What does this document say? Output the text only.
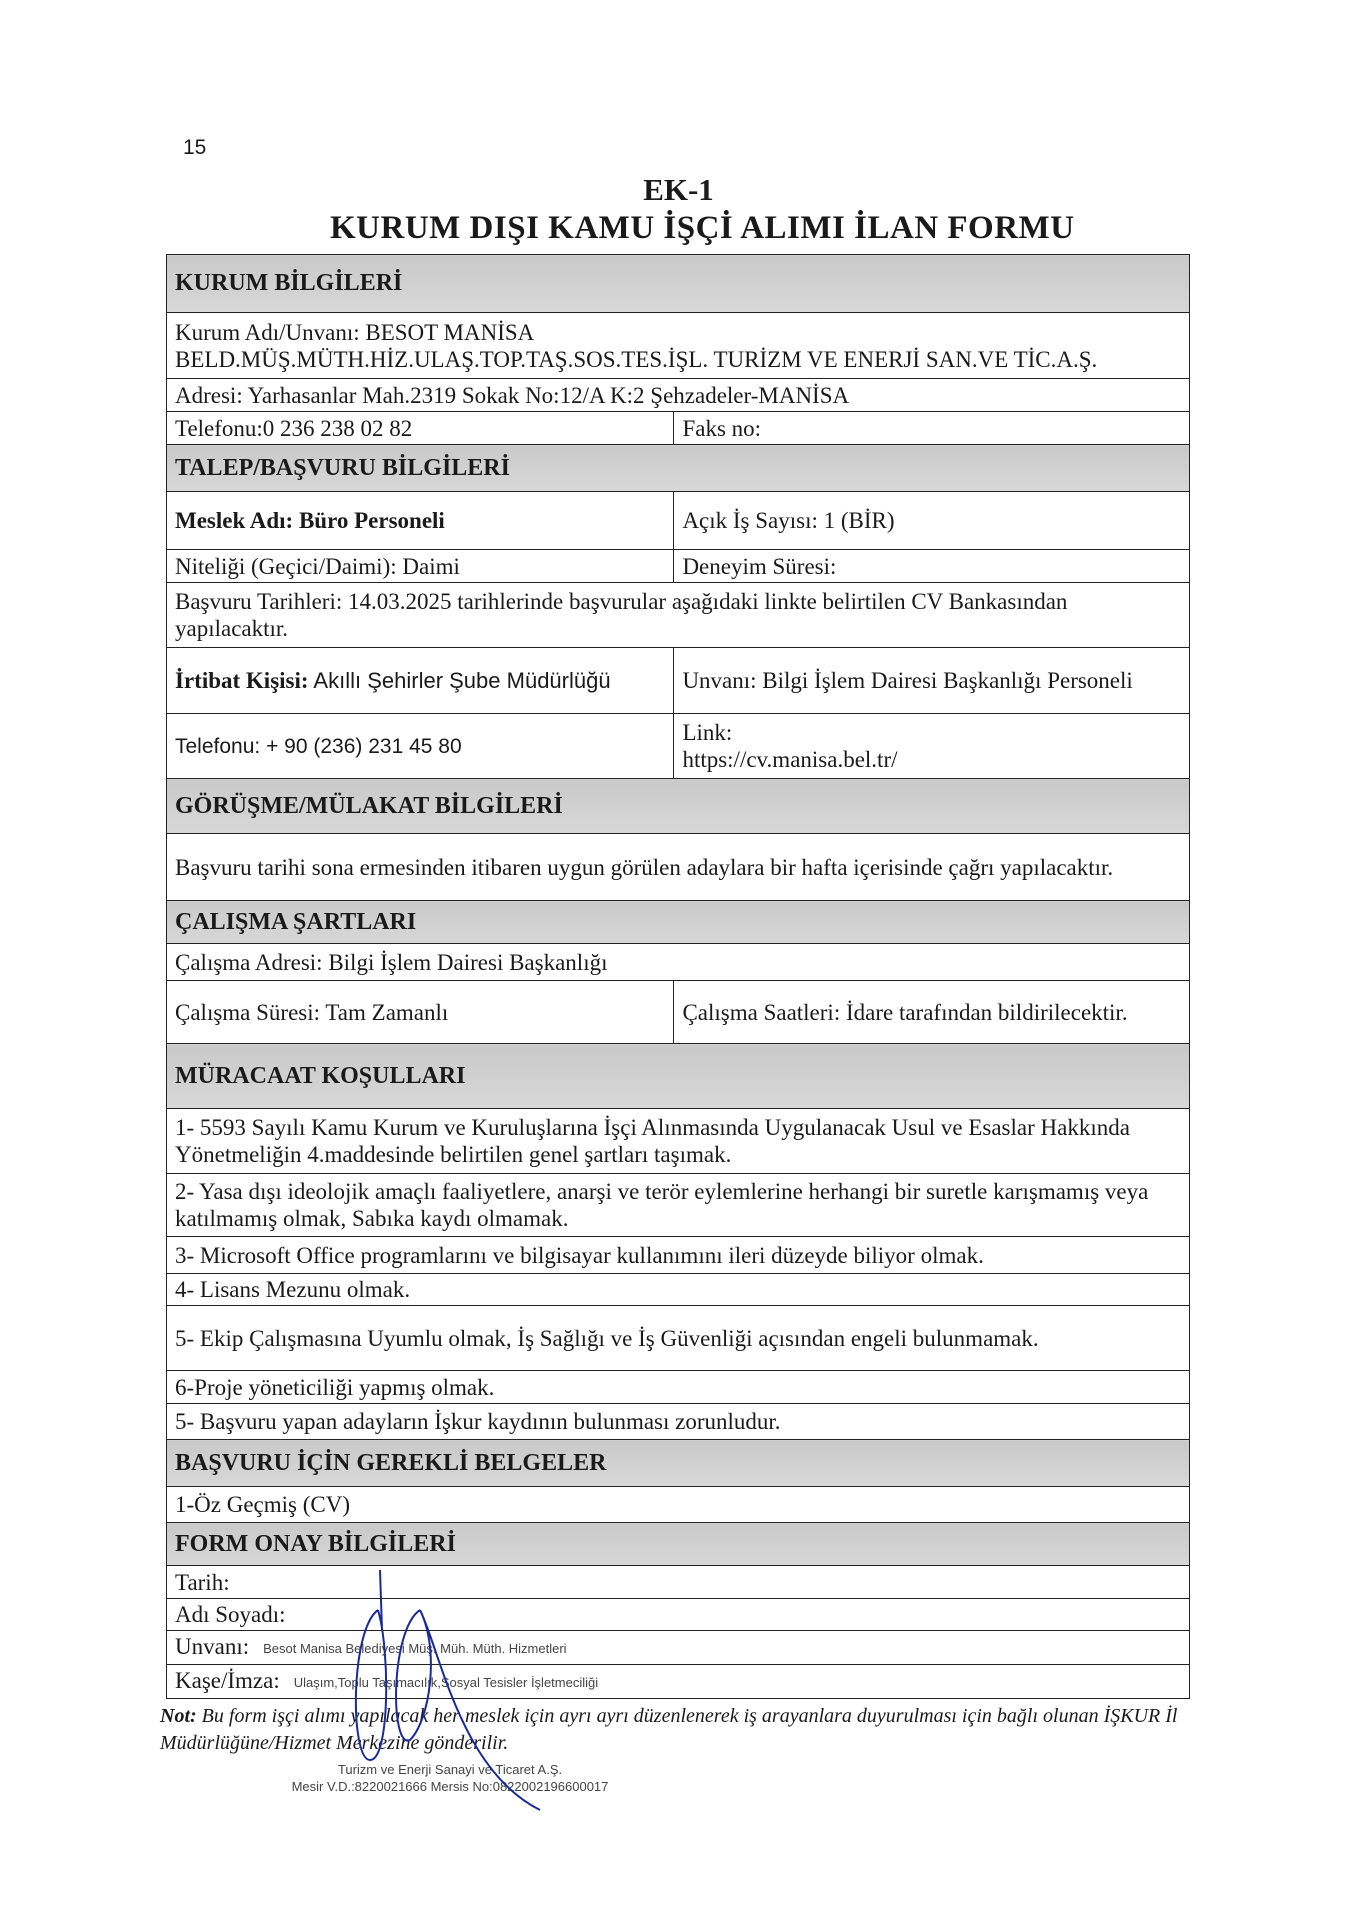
15
EK-1
KURUM DIŞI KAMU İŞÇİ ALIMI İLAN FORMU
KURUM BİLGİLERİ	
Kurum Adı/Unvanı: BESOT MANİSA
BELD.MÜŞ.MÜTH.HİZ.ULAŞ.TOP.TAŞ.SOS.TES.İŞL. TURİZM VE ENERJİ SAN.VE TİC.A.Ş.	
Adresi: Yarhasanlar Mah.2319 Sokak No:12/A K:2 Şehzadeler-MANİSA	
Telefonu:0 236 238 02 82	Faks no:
TALEP/BAŞVURU BİLGİLERİ	
Meslek Adı: Büro Personeli	Açık İş Sayısı: 1 (BİR)
Niteliği (Geçici/Daimi): Daimi	Deneyim Süresi:
Başvuru Tarihleri: 14.03.2025 tarihlerinde başvurular aşağıdaki linkte belirtilen CV Bankasından yapılacaktır.	
İrtibat Kişisi: Akıllı Şehirler Şube Müdürlüğü	Unvanı: Bilgi İşlem Dairesi Başkanlığı Personeli
Telefonu: + 90 (236) 231 45 80	Link:
https://cv.manisa.bel.tr/
GÖRÜŞME/MÜLAKAT BİLGİLERİ	
Başvuru tarihi sona ermesinden itibaren uygun görülen adaylara bir hafta içerisinde çağrı yapılacaktır.	
ÇALIŞMA ŞARTLARI	
Çalışma Adresi: Bilgi İşlem Dairesi Başkanlığı	
Çalışma Süresi: Tam Zamanlı	Çalışma Saatleri: İdare tarafından bildirilecektir.
MÜRACAAT KOŞULLARI	
1- 5593 Sayılı Kamu Kurum ve Kuruluşlarına İşçi Alınmasında Uygulanacak Usul ve Esaslar Hakkında Yönetmeliğin 4.maddesinde belirtilen genel şartları taşımak.	
2- Yasa dışı ideolojik amaçlı faaliyetlere, anarşi ve terör eylemlerine herhangi bir suretle karışmamış veya katılmamış olmak, Sabıka kaydı olmamak.	
3- Microsoft Office programlarını ve bilgisayar kullanımını ileri düzeyde biliyor olmak.	
4- Lisans Mezunu olmak.	
5- Ekip Çalışmasına Uyumlu olmak, İş Sağlığı ve İş Güvenliği açısından engeli bulunmamak.	
6-Proje yöneticiliği yapmış olmak.	
5- Başvuru yapan adayların İşkur kaydının bulunması zorunludur.	
BAŞVURU İÇİN GEREKLİ BELGELER	
1-Öz Geçmiş (CV)	
FORM ONAY BİLGİLERİ	
Tarih:	
Adı Soyadı:	
Unvanı: Besot Manisa Belediyesi Müş. Müh. Müth. Hizmetleri	
Kaşe/İmza: Ulaşım,Toplu Taşımacılık,Sosyal Tesisler İşletmeciliği	
Not: Bu form işçi alımı yapılacak her meslek için ayrı ayrı düzenlenerek iş arayanlara duyurulması için bağlı olunan İŞKUR İl Müdürlüğüne/Hizmet Merkezine gönderilir.
Turizm ve Enerji Sanayi ve Ticaret A.Ş.
Mesir V.D.:8220021666 Mersis No:0822002196600017
